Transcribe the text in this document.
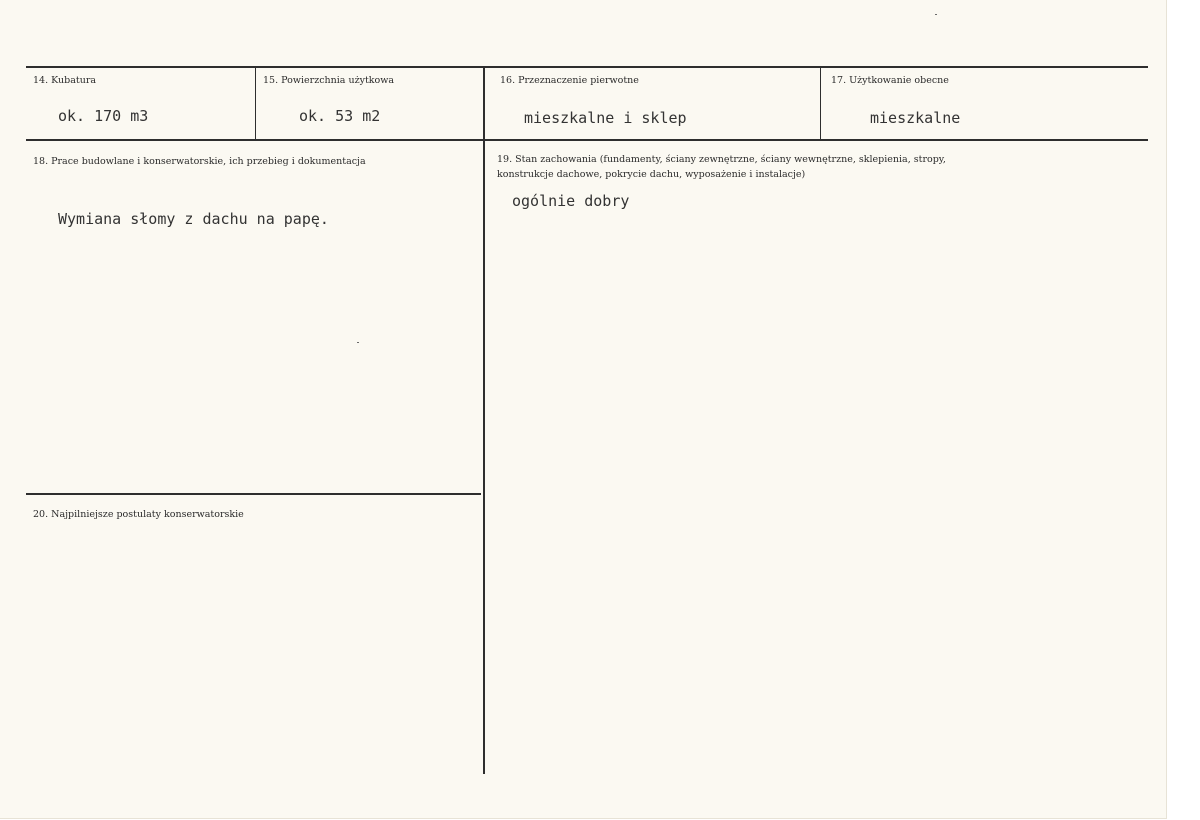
14. Kubatura
ok. 170 m3
15. Powierzchnia użytkowa
ok. 53 m2
16. Przeznaczenie pierwotne
mieszkalne i sklep
17. Użytkowanie obecne
mieszkalne
18. Prace budowlane i konserwatorskie, ich przebieg i dokumentacja
Wymiana słomy z dachu na papę.
19. Stan zachowania (fundamenty, ściany zewnętrzne, ściany wewnętrzne, sklepienia, stropy,
konstrukcje dachowe, pokrycie dachu, wyposażenie i instalacje)
ogólnie dobry
20. Najpilniejsze postulaty konserwatorskie
